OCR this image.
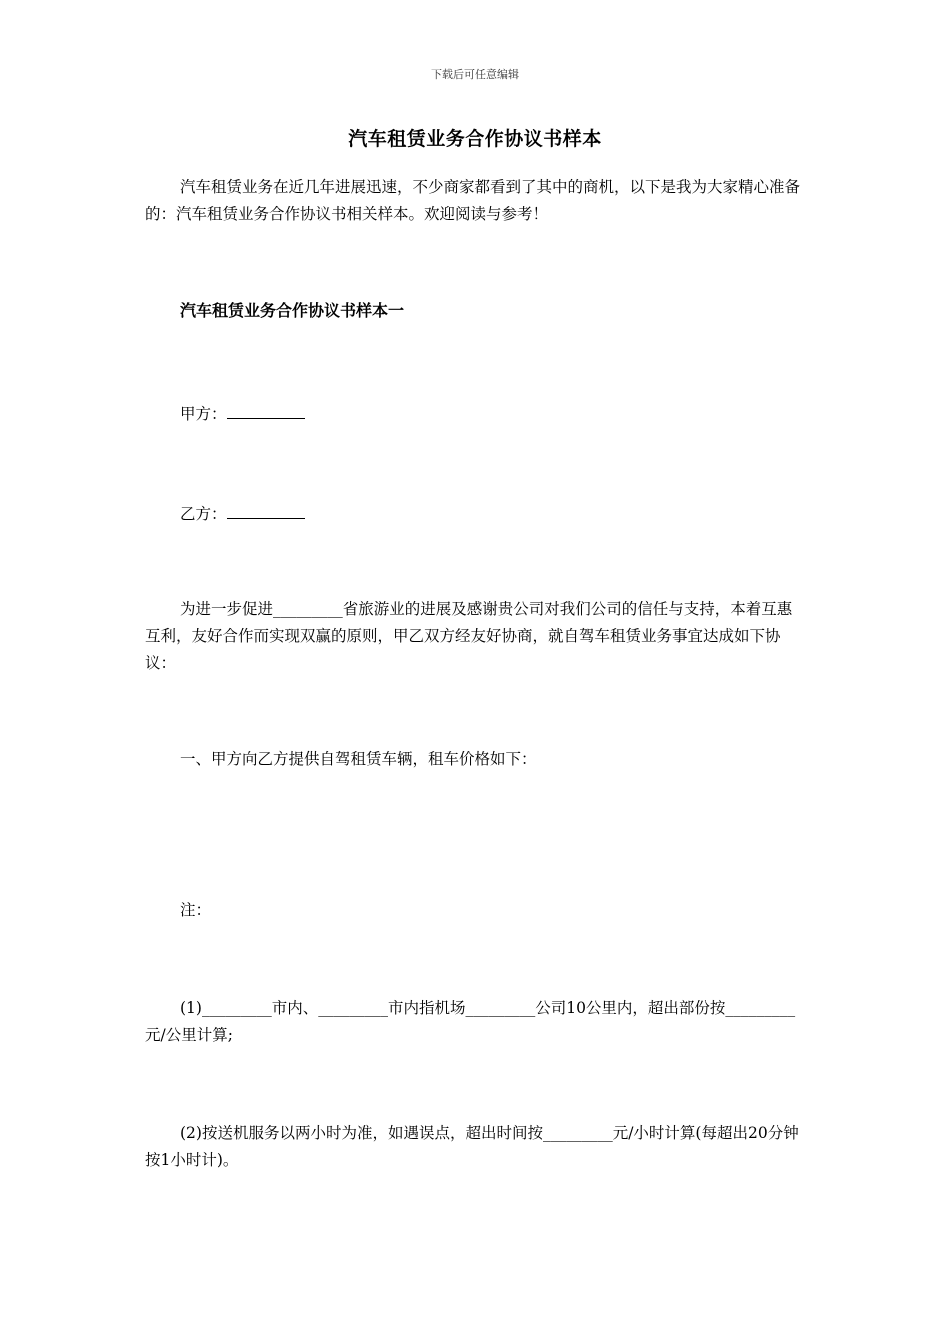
下载后可任意编辑
汽车租赁业务合作协议书样本

汽车租赁业务在近几年进展迅速，不少商家都看到了其中的商机，以下是我为大家精心准备的：汽车租赁业务合作协议书相关样本。欢迎阅读与参考！

汽车租赁业务合作协议书样本一
甲方：
乙方：

为进一步促进_________省旅游业的进展及感谢贵公司对我们公司的信任与支持，本着互惠互利，友好合作而实现双赢的原则，甲乙双方经友好协商，就自驾车租赁业务事宜达成如下协议：

一、甲方向乙方提供自驾租赁车辆，租车价格如下：

注：

(1)_________市内、_________市内指机场_________公司10公里内，超出部份按_________元/公里计算;

(2)按送机服务以两小时为准，如遇误点，超出时间按_________元/小时计算(每超出20分钟按1小时计)。
